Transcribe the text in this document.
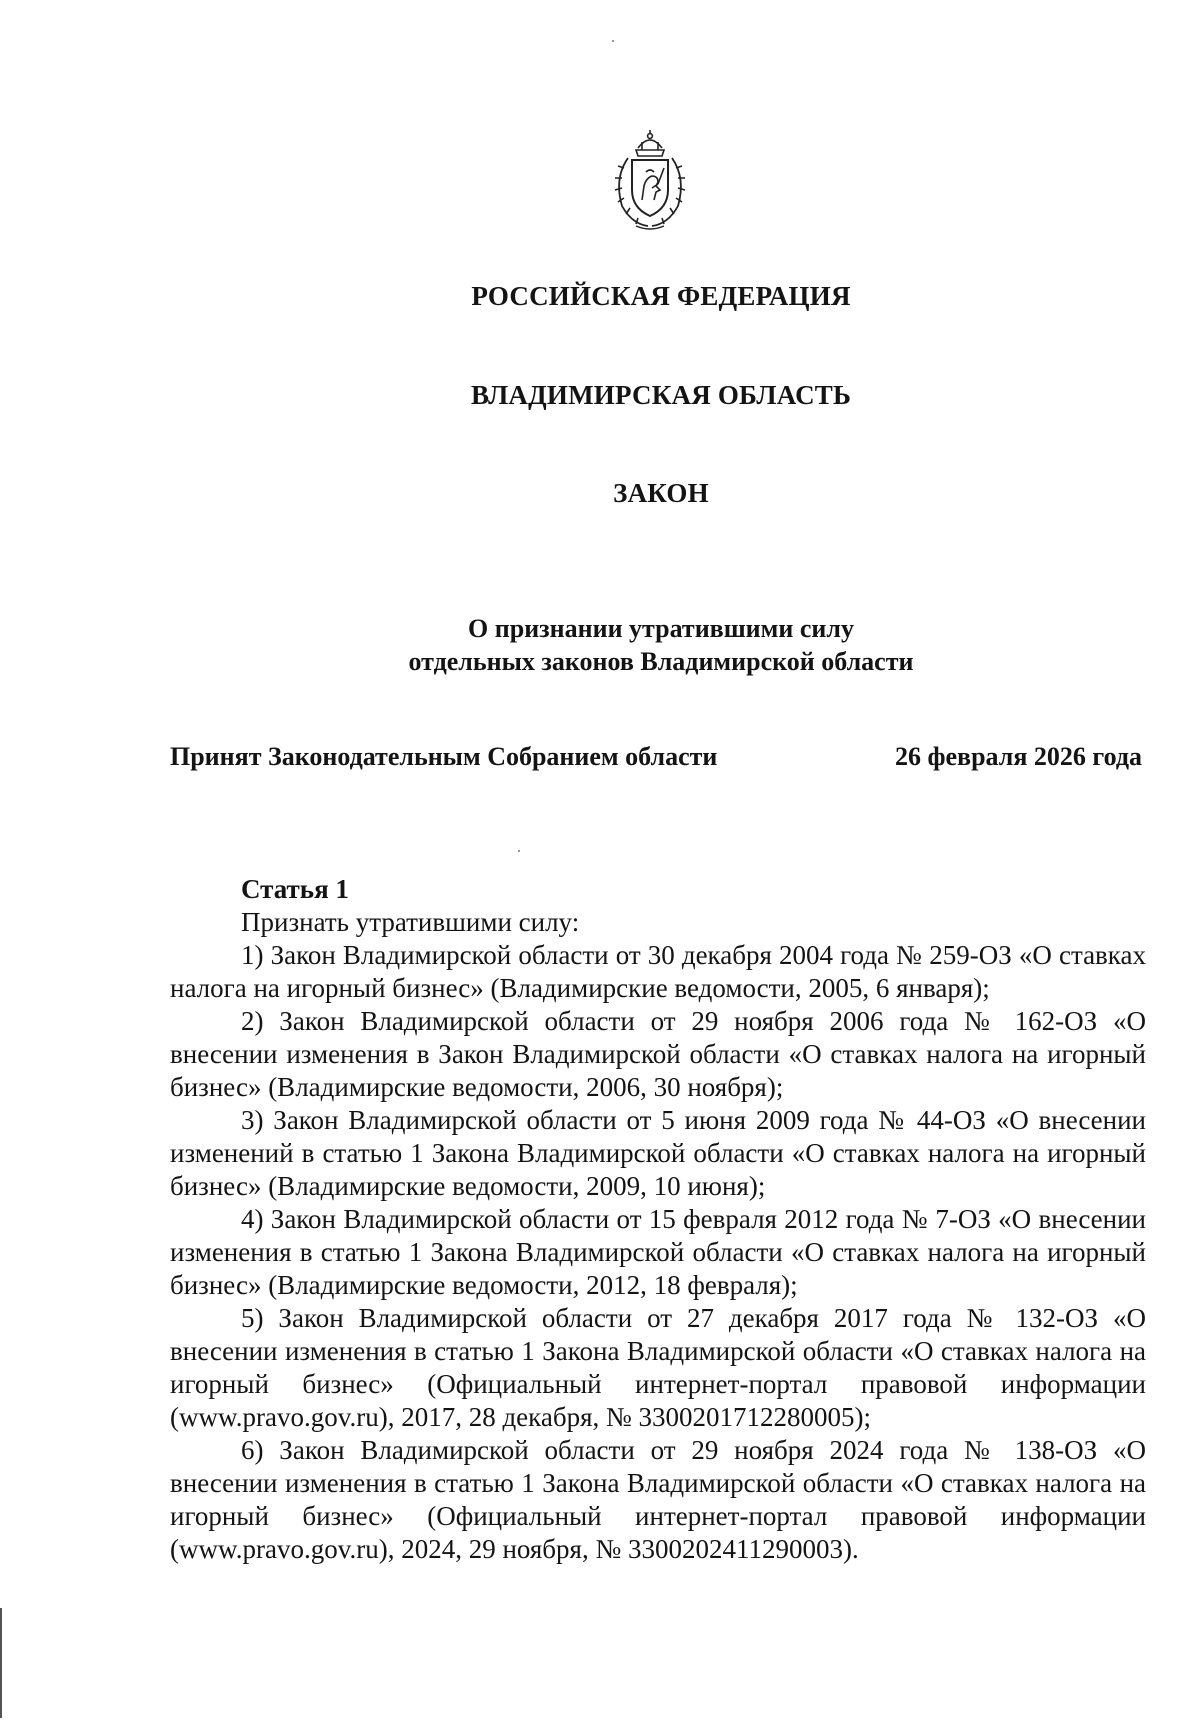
РОССИЙСКАЯ ФЕДЕРАЦИЯ
ВЛАДИМИРСКАЯ ОБЛАСТЬ
ЗАКОН
О признании утратившими силу
отдельных законов Владимирской области
Принят Законодательным Собранием области	26 февраля 2026 года

Статья 1

Признать утратившими силу:

1) Закон Владимирской области от 30 декабря 2004 года № 259-ОЗ «О ставках налога на игорный бизнес» (Владимирские ведомости, 2005, 6 января);

2) Закон Владимирской области от 29 ноября 2006 года № 162-ОЗ «О внесении изменения в Закон Владимирской области «О ставках налога на игорный бизнес» (Владимирские ведомости, 2006, 30 ноября);

3) Закон Владимирской области от 5 июня 2009 года № 44-ОЗ «О внесении изменений в статью 1 Закона Владимирской области «О ставках налога на игорный бизнес» (Владимирские ведомости, 2009, 10 июня);

4) Закон Владимирской области от 15 февраля 2012 года № 7-ОЗ «О внесении изменения в статью 1 Закона Владимирской области «О ставках налога на игорный бизнес» (Владимирские ведомости, 2012, 18 февраля);

5) Закон Владимирской области от 27 декабря 2017 года № 132-ОЗ «О внесении изменения в статью 1 Закона Владимирской области «О ставках налога на игорный бизнес» (Официальный интернет-портал правовой информации (www.pravo.gov.ru), 2017, 28 декабря, № 3300201712280005);

6) Закон Владимирской области от 29 ноября 2024 года № 138-ОЗ «О внесении изменения в статью 1 Закона Владимирской области «О ставках налога на игорный бизнес» (Официальный интернет-портал правовой информации (www.pravo.gov.ru), 2024, 29 ноября, № 3300202411290003).
